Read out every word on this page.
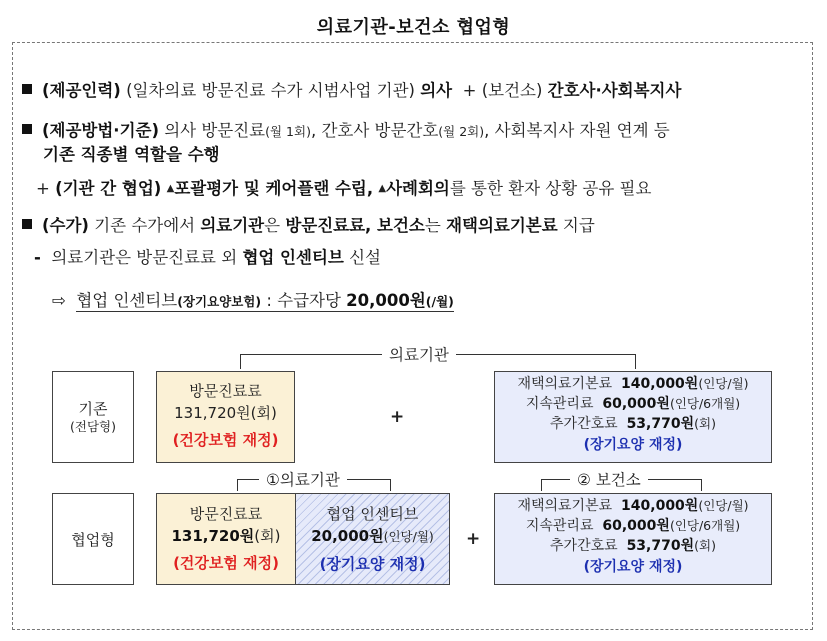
의료기관-보건소 협업형
(제공인력) (일차의료 방문진료 수가 시범사업 기관) 의사 + (보건소) 간호사·사회복지사
(제공방법·기준) 의사 방문진료(월 1회), 간호사 방문간호(월 2회), 사회복지사 자원 연계 등
기존 직종별 역할을 수행
+ (기관 간 협업) ▲포괄평가 및 케어플랜 수립, ▲사례회의를 통한 환자 상황 공유 필요
(수가) 기존 수가에서 의료기관은 방문진료료, 보건소는 재택의료기본료 지급
- 의료기관은 방문진료료 외 협업 인센티브 신설
⇨ 협업 인센티브(장기요양보험) : 수급자당 20,000원(/월)
의료기관
기존
(전담형)
방문진료료
131,720원(회)
(건강보험 재정)
+
재택의료기본료 140,000원(인당/월)
지속관리료 60,000원(인당/6개월)
추가간호료 53,770원(회)
(장기요양 재정)
①의료기관	② 보건소
협업형
방문진료료
131,720원(회)
(건강보험 재정)
협업 인센티브
20,000원(인당/월)
(장기요양 재정)
+
재택의료기본료 140,000원(인당/월)
지속관리료 60,000원(인당/6개월)
추가간호료 53,770원(회)
(장기요양 재정)
